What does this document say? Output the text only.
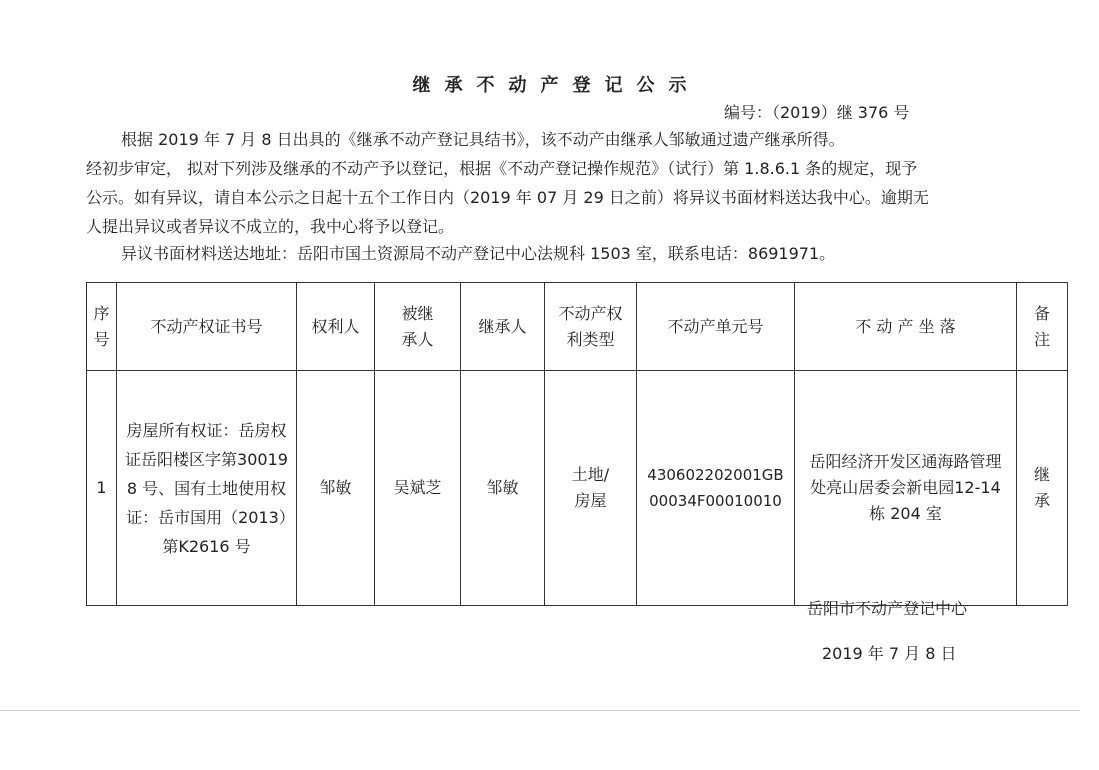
继承不动产登记公示
编号：（2019）继 376 号
根据 2019 年 7 月 8 日出具的《继承不动产登记具结书》，该不动产由继承人邹敏通过遗产继承所得。
经初步审定， 拟对下列涉及继承的不动产予以登记，根据《不动产登记操作规范》（试行）第 1.8.6.1 条的规定，现予
公示。如有异议，请自本公示之日起十五个工作日内（2019 年 07 月 29 日之前）将异议书面材料送达我中心。逾期无
人提出异议或者异议不成立的，我中心将予以登记。
异议书面材料送达地址：岳阳市国土资源局不动产登记中心法规科 1503 室，联系电话：8691971。
序号	不动产权证书号	权利人	被继承人	继承人	不动产权利类型	不动产单元号	不 动 产 坐 落	备注
1	房屋所有权证：岳房权证岳阳楼区字第300198 号、国有土地使用权证：岳市国用（2013）第K2616 号	邹敏	吴斌芝	邹敏	土地/房屋	430602202001GB00034F00010010	岳阳经济开发区通海路管理处亮山居委会新电园12-14 栋 204 室	继承
岳阳市不动产登记中心
2019 年 7 月 8 日
